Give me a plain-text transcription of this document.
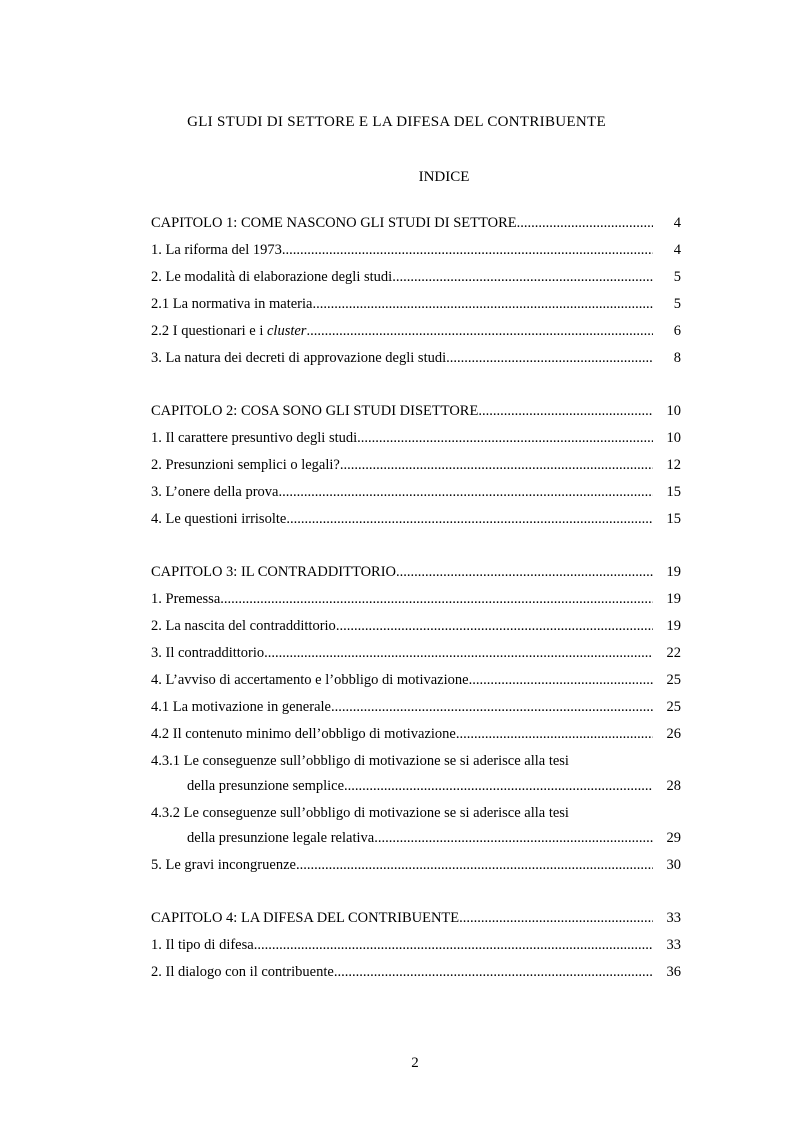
GLI STUDI DI SETTORE E LA DIFESA DEL CONTRIBUENTE
INDICE
CAPITOLO 1: COME NASCONO GLI STUDI DI SETTORE .....	4
1. La riforma del 1973 .....	4
2. Le modalità di elaborazione degli studi .....	5
2.1 La normativa in materia .....	5
2.2 I questionari e i cluster .....	6
3. La natura dei decreti di approvazione degli studi .....	8
CAPITOLO 2: COSA SONO GLI STUDI DISETTORE .....	10
1. Il carattere presuntivo degli studi .....	10
2. Presunzioni semplici o legali? .....	12
3. L’onere della prova .....	15
4. Le questioni irrisolte .....	15
CAPITOLO 3: IL CONTRADDITTORIO .....	19
1. Premessa .....	19
2. La nascita del contraddittorio .....	19
3. Il contraddittorio .....	22
4. L’avviso di accertamento e l’obbligo di motivazione .....	25
4.1 La motivazione in generale .....	25
4.2 Il contenuto minimo dell’obbligo di motivazione .....	26
4.3.1 Le conseguenze sull’obbligo di motivazione se si aderisce alla tesi
della presunzione semplice .....	28
4.3.2 Le conseguenze sull’obbligo di motivazione se si aderisce alla tesi
della presunzione legale relativa .....	29
5. Le gravi incongruenze .....	30
CAPITOLO 4: LA DIFESA DEL CONTRIBUENTE .....	33
1. Il tipo di difesa .....	33
2. Il dialogo con il contribuente .....	36
2
